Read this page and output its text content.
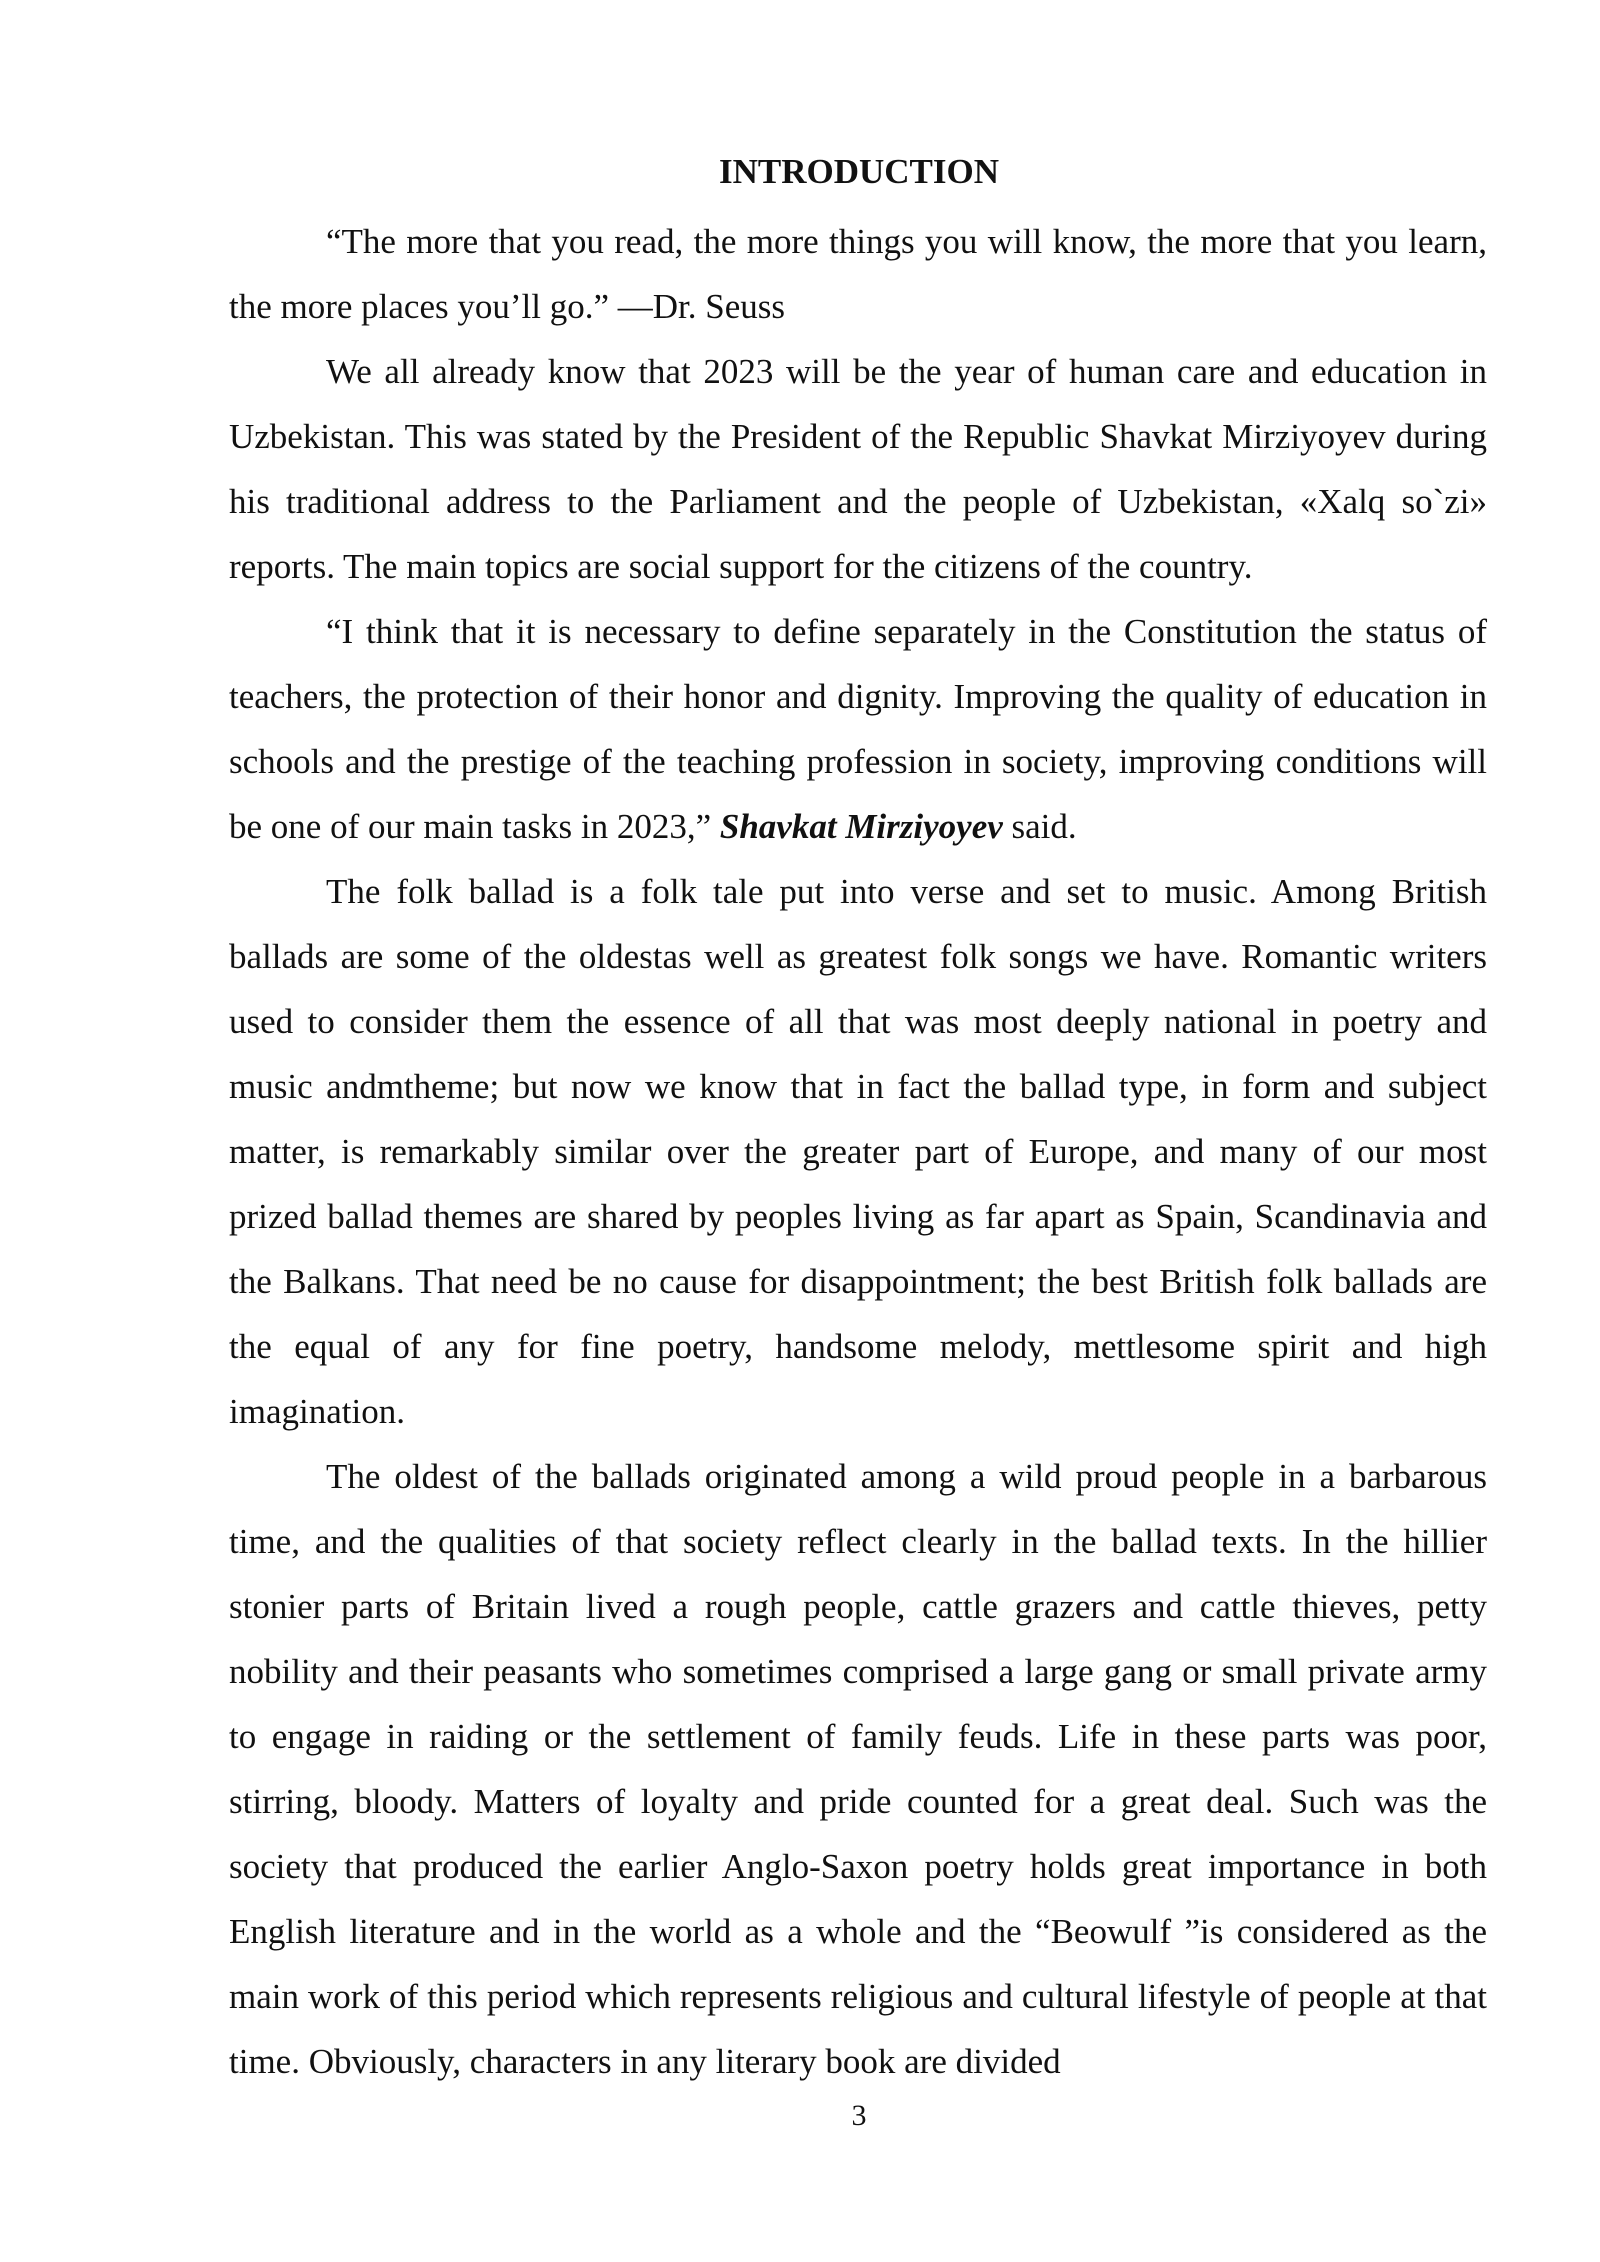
INTRODUCTION

“The more that you read, the more things you will know, the more that you learn, the more places you’ll go.” —Dr. Seuss

We all already know that 2023 will be the year of human care and education in Uzbekistan. This was stated by the President of the Republic Shavkat Mirziyoyev during his traditional address to the Parliament and the people of Uzbekistan, «Xalq so`zi» reports. The main topics are social support for the citizens of the country.

“I think that it is necessary to define separately in the Constitution the status of teachers, the protection of their honor and dignity. Improving the quality of education in schools and the prestige of the teaching profession in society, improving conditions will be one of our main tasks in 2023,” Shavkat Mirziyoyev said.

The folk ballad is a folk tale put into verse and set to music. Among British ballads are some of the oldestas well as greatest folk songs we have. Romantic writers used to consider them the essence of all that was most deeply national in poetry and music andmtheme; but now we know that in fact the ballad type, in form and subject matter, is remarkably similar over the greater part of Europe, and many of our most prized ballad themes are shared by peoples living as far apart as Spain, Scandinavia and the Balkans. That need be no cause for disappointment; the best British folk ballads are the equal of any for fine poetry, handsome melody, mettlesome spirit and high imagination.

The oldest of the ballads originated among a wild proud people in a barbarous time, and the qualities of that society reflect clearly in the ballad texts. In the hillier stonier parts of Britain lived a rough people, cattle grazers and cattle thieves, petty nobility and their peasants who sometimes comprised a large gang or small private army to engage in raiding or the settlement of family feuds. Life in these parts was poor, stirring, bloody. Matters of loyalty and pride counted for a great deal. Such was the society that produced the earlier Anglo-Saxon poetry holds great importance in both English literature and in the world as a whole and the “Beowulf ”is considered as the main work of this period which represents religious and cultural lifestyle of people at that time. Obviously, characters in any literary book are divided

3
